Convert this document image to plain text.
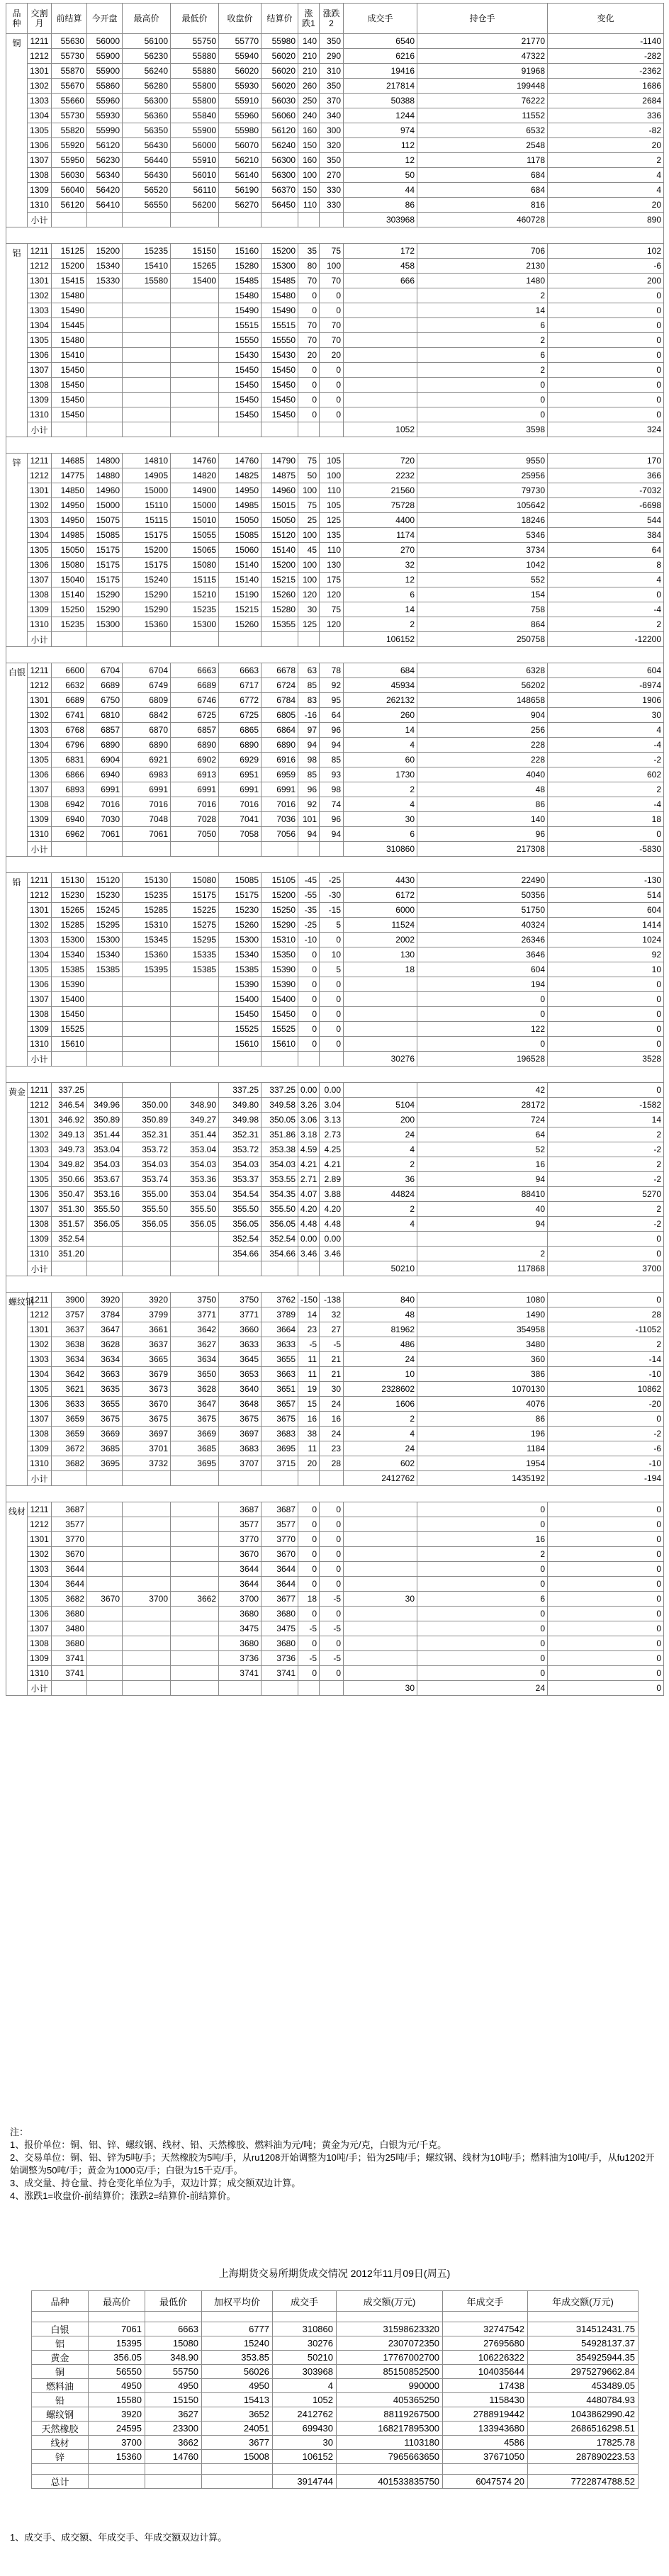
品种	交割月	前结算	今开盘	最高价	最低价	收盘价	结算价	涨跌1	涨跌2	成交手	持仓手	变化
铜	1211	55630	56000	56100	55750	55770	55980	140	350	6540	21770	-1140
	1212	55730	55900	56230	55880	55940	56020	210	290	6216	47322	-282
	1301	55870	55900	56240	55880	56020	56020	210	310	19416	91968	-2362
	1302	55670	55860	56280	55800	55930	56020	260	350	217814	199448	1686
	1303	55660	55960	56300	55800	55910	56030	250	370	50388	76222	2684
	1304	55730	55930	56360	55840	55960	56060	240	340	1244	11552	336
	1305	55820	55990	56350	55900	55980	56120	160	300	974	6532	-82
	1306	55920	56120	56430	56000	56070	56240	150	320	112	2548	20
	1307	55950	56230	56440	55910	56210	56300	160	350	12	1178	2
	1308	56030	56340	56430	56010	56140	56300	100	270	50	684	4
	1309	56040	56420	56520	56110	56190	56370	150	330	44	684	4
	1310	56120	56410	56550	56200	56270	56450	110	330	86	816	20
	小计									303968	460728	890

铝	1211	15125	15200	15235	15150	15160	15200	35	75	172	706	102
	1212	15200	15340	15410	15265	15280	15300	80	100	458	2130	-6
	1301	15415	15330	15580	15400	15485	15485	70	70	666	1480	200
	1302	15480				15480	15480	0	0		2	0
	1303	15490				15490	15490	0	0		14	0
	1304	15445				15515	15515	70	70		6	0
	1305	15480				15550	15550	70	70		2	0
	1306	15410				15430	15430	20	20		6	0
	1307	15450				15450	15450	0	0		2	0
	1308	15450				15450	15450	0	0		0	0
	1309	15450				15450	15450	0	0		0	0
	1310	15450				15450	15450	0	0		0	0
	小计									1052	3598	324

锌	1211	14685	14800	14810	14760	14760	14790	75	105	720	9550	170
	1212	14775	14880	14905	14820	14825	14875	50	100	2232	25956	366
	1301	14850	14960	15000	14900	14950	14960	100	110	21560	79730	-7032
	1302	14950	15000	15110	15000	14985	15015	75	105	75728	105642	-6698
	1303	14950	15075	15115	15010	15050	15050	25	125	4400	18246	544
	1304	14985	15085	15175	15055	15085	15120	100	135	1174	5346	384
	1305	15050	15175	15200	15065	15060	15140	45	110	270	3734	64
	1306	15080	15175	15175	15080	15140	15200	100	130	32	1042	8
	1307	15040	15175	15240	15115	15140	15215	100	175	12	552	4
	1308	15140	15290	15290	15210	15190	15260	120	120	6	154	0
	1309	15250	15290	15290	15235	15215	15280	30	75	14	758	-4
	1310	15235	15300	15360	15300	15260	15355	125	120	2	864	2
	小计									106152	250758	-12200

白银	1211	6600	6704	6704	6663	6663	6678	63	78	684	6328	604
	1212	6632	6689	6749	6689	6717	6724	85	92	45934	56202	-8974
	1301	6689	6750	6809	6746	6772	6784	83	95	262132	148658	1906
	1302	6741	6810	6842	6725	6725	6805	-16	64	260	904	30
	1303	6768	6857	6870	6857	6865	6864	97	96	14	256	4
	1304	6796	6890	6890	6890	6890	6890	94	94	4	228	-4
	1305	6831	6904	6921	6902	6929	6916	98	85	60	228	-2
	1306	6866	6940	6983	6913	6951	6959	85	93	1730	4040	602
	1307	6893	6991	6991	6991	6991	6991	96	98	2	48	2
	1308	6942	7016	7016	7016	7016	7016	92	74	4	86	-4
	1309	6940	7030	7048	7028	7041	7036	101	96	30	140	18
	1310	6962	7061	7061	7050	7058	7056	94	94	6	96	0
	小计									310860	217308	-5830

铅	1211	15130	15120	15130	15080	15085	15105	-45	-25	4430	22490	-130
	1212	15230	15230	15235	15175	15175	15200	-55	-30	6172	50356	514
	1301	15265	15245	15285	15225	15230	15250	-35	-15	6000	51750	604
	1302	15285	15295	15310	15275	15260	15290	-25	5	11524	40324	1414
	1303	15300	15300	15345	15295	15300	15310	-10	0	2002	26346	1024
	1304	15340	15340	15360	15335	15340	15350	0	10	130	3646	92
	1305	15385	15385	15395	15385	15385	15390	0	5	18	604	10
	1306	15390				15390	15390	0	0		194	0
	1307	15400				15400	15400	0	0		0	0
	1308	15450				15450	15450	0	0		0	0
	1309	15525				15525	15525	0	0		122	0
	1310	15610				15610	15610	0	0		0	0
	小计									30276	196528	3528

黄金	1211	337.25				337.25	337.25	0.00	0.00		42	0
	1212	346.54	349.96	350.00	348.90	349.80	349.58	3.26	3.04	5104	28172	-1582
	1301	346.92	350.89	350.89	349.27	349.98	350.05	3.06	3.13	200	724	14
	1302	349.13	351.44	352.31	351.44	352.31	351.86	3.18	2.73	24	64	2
	1303	349.73	353.04	353.72	353.04	353.72	353.38	4.59	4.25	4	52	-2
	1304	349.82	354.03	354.03	354.03	354.03	354.03	4.21	4.21	2	16	2
	1305	350.66	353.67	353.74	353.36	353.37	353.55	2.71	2.89	36	94	-2
	1306	350.47	353.16	355.00	353.04	354.54	354.35	4.07	3.88	44824	88410	5270
	1307	351.30	355.50	355.50	355.50	355.50	355.50	4.20	4.20	2	40	2
	1308	351.57	356.05	356.05	356.05	356.05	356.05	4.48	4.48	4	94	-2
	1309	352.54				352.54	352.54	0.00	0.00			0
	1310	351.20				354.66	354.66	3.46	3.46		2	0
	小计									50210	117868	3700

螺纹钢	1211	3900	3920	3920	3750	3750	3762	-150	-138	840	1080	0
	1212	3757	3784	3799	3771	3771	3789	14	32	48	1490	28
	1301	3637	3647	3661	3642	3660	3664	23	27	81962	354958	-11052
	1302	3638	3628	3637	3627	3633	3633	-5	-5	486	3480	2
	1303	3634	3634	3665	3634	3645	3655	11	21	24	360	-14
	1304	3642	3663	3679	3650	3653	3663	11	21	10	386	-10
	1305	3621	3635	3673	3628	3640	3651	19	30	2328602	1070130	10862
	1306	3633	3655	3670	3647	3648	3657	15	24	1606	4076	-20
	1307	3659	3675	3675	3675	3675	3675	16	16	2	86	0
	1308	3659	3669	3697	3669	3697	3683	38	24	4	196	-2
	1309	3672	3685	3701	3685	3683	3695	11	23	24	1184	-6
	1310	3682	3695	3732	3695	3707	3715	20	28	602	1954	-10
	小计									2412762	1435192	-194

线材	1211	3687				3687	3687	0	0		0	0
	1212	3577				3577	3577	0	0		0	0
	1301	3770				3770	3770	0	0		16	0
	1302	3670				3670	3670	0	0		2	0
	1303	3644				3644	3644	0	0		0	0
	1304	3644				3644	3644	0	0		0	0
	1305	3682	3670	3700	3662	3700	3677	18	-5	30	6	0
	1306	3680				3680	3680	0	0		0	0
	1307	3480				3475	3475	-5	-5		0	0
	1308	3680				3680	3680	0	0		0	0
	1309	3741				3736	3736	-5	-5		0	0
	1310	3741				3741	3741	0	0		0	0
	小计									30	24	0

注：

1、报价单位：铜、铝、锌、螺纹钢、线材、铅、天然橡胶、燃料油为元/吨；黄金为元/克，白银为元/千克。

2、交易单位：铜、铝、锌为5吨/手；天然橡胶为5吨/手，从ru1208开始调整为10吨/手；铅为25吨/手；螺纹钢、线材为10吨/手；燃料油为10吨/手，从fu1202开始调整为50吨/手；黄金为1000克/手；白银为15千克/手。

3、成交量、持仓量、持仓变化单位为手，双边计算；成交额双边计算。

4、涨跌1=收盘价-前结算价；涨跌2=结算价-前结算价。

上海期货交易所期货成交情况 2012年11月09日(周五)
品种	最高价	最低价	加权平均价	成交手	成交额(万元)	年成交手	年成交额(万元)

白银	7061	6663	6777	310860	31598623320	32747542	314512431.75
铝	15395	15080	15240	30276	2307072350	27695680	54928137.37
黄金	356.05	348.90	353.85	50210	17767002700	106226322	354925944.35
铜	56550	55750	56026	303968	85150852500	104035644	2975279662.84
燃料油	4950	4950	4950	4	990000	17438	453489.05
铅	15580	15150	15413	1052	405365250	1158430	4480784.93
螺纹钢	3920	3627	3652	2412762	88119267500	2788919442	1043862990.42
天然橡胶	24595	23300	24051	699430	168217895300	133943680	2686516298.51
线材	3700	3662	3677	30	1103180	4586	17825.78
锌	15360	14760	15008	106152	7965663650	37671050	287890223.53

总计				3914744	401533835750	6047574 20	7722874788.52
1、成交手、成交额、年成交手、年成交额双边计算。
